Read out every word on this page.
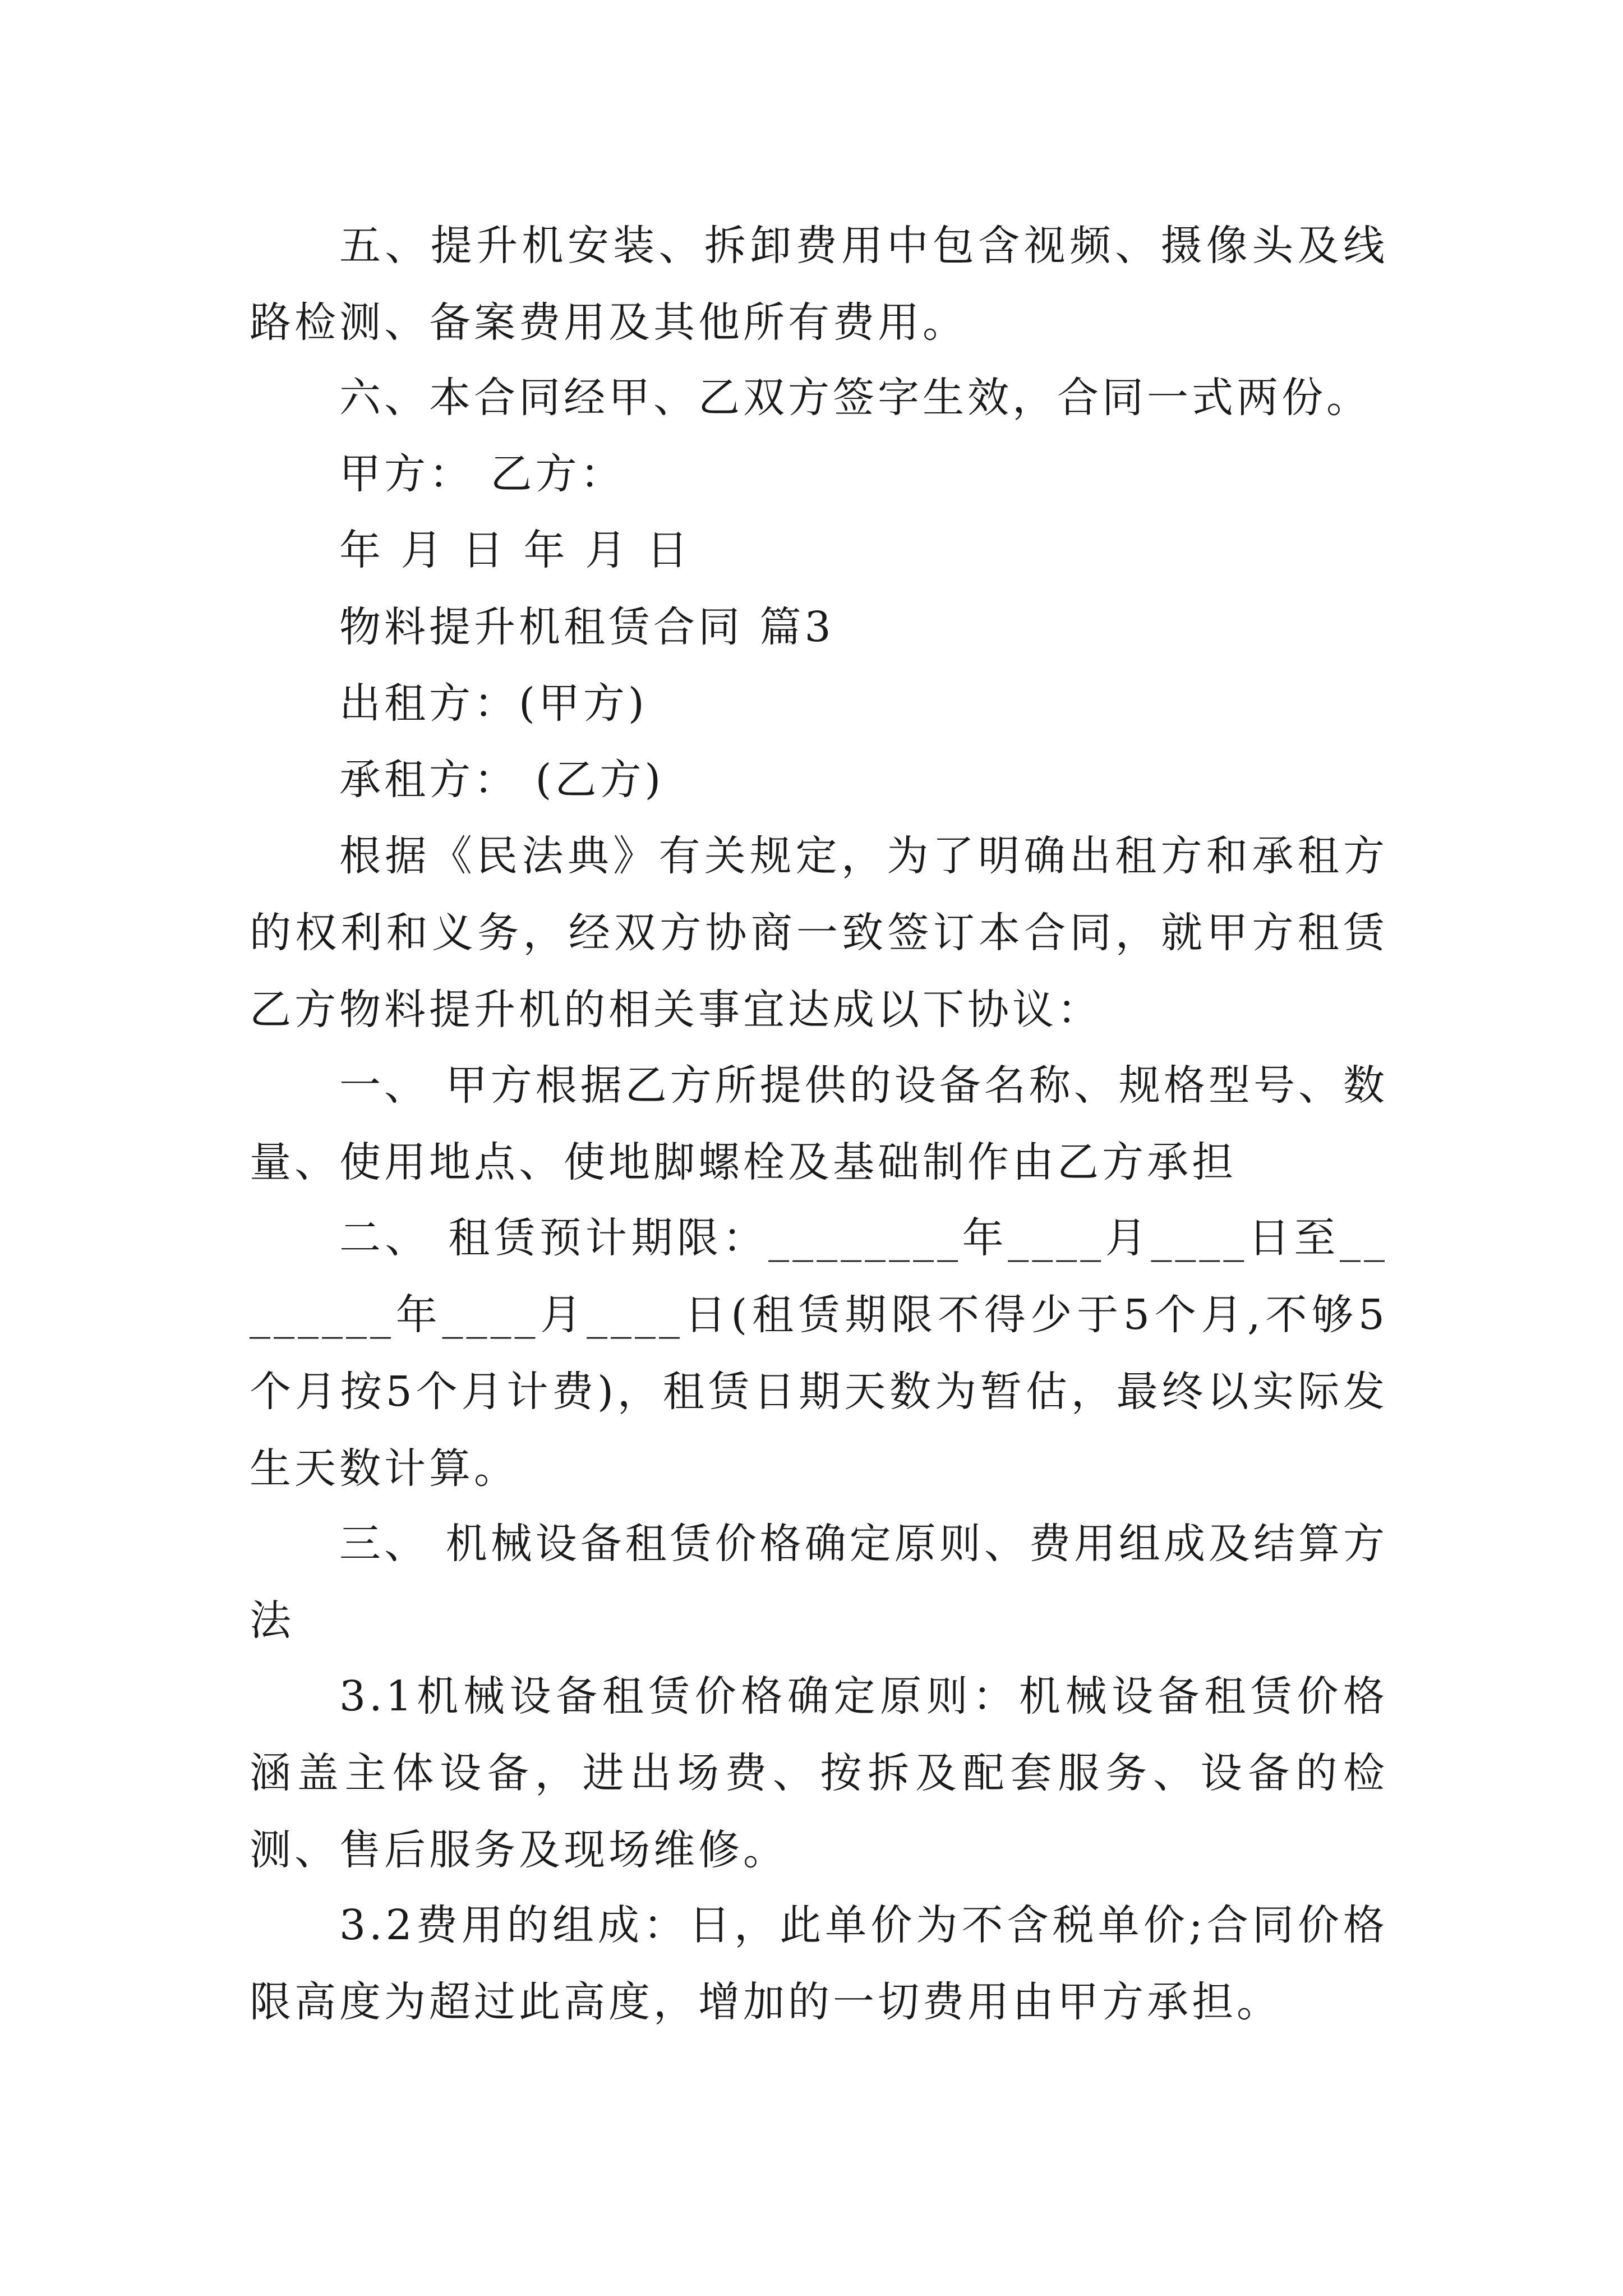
五、提升机安装、拆卸费用中包含视频、摄像头及线路检测、备案费用及其他所有费用。

六、本合同经甲、乙双方签字生效，合同一式两份。

甲方： 乙方：

年 月 日 年 月 日

物料提升机租赁合同 篇3

出租方：(甲方)

承租方： (乙方)

根据《民法典》有关规定，为了明确出租方和承租方的权利和义务，经双方协商一致签订本合同，就甲方租赁乙方物料提升机的相关事宜达成以下协议：

一、 甲方根据乙方所提供的设备名称、规格型号、数量、使用地点、使地脚螺栓及基础制作由乙方承担

二、 租赁预计期限：________年____月____日至________年____月____日(租赁期限不得少于5个月,不够5个月按5个月计费)，租赁日期天数为暂估，最终以实际发生天数计算。

三、 机械设备租赁价格确定原则、费用组成及结算方法

3.1机械设备租赁价格确定原则：机械设备租赁价格涵盖主体设备，进出场费、按拆及配套服务、设备的检测、售后服务及现场维修。

3.2费用的组成：日，此单价为不含税单价;合同价格限高度为超过此高度，增加的一切费用由甲方承担。
